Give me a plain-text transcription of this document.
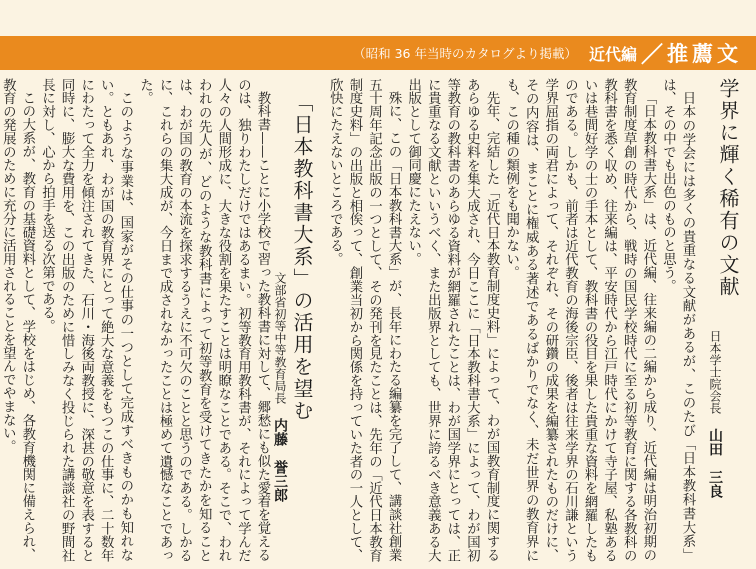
（昭和 36 年当時のカタログより掲載） 近代編 ／ 推薦文
学界に輝く稀有の文献
日本学士院会長山田　三良

日本の学会には多くの貴重なる文献があるが、このたび「日本教科書大系」は、その中でも出色のものと思う。

「日本教科書大系」は、近代編、往来編の二編から成り、近代編は明治初期の教育制度草創の時代から、戦時の国民学校時代に至る初等教育に関する各教科の教科書を悉く収め、往来編は、平安時代から江戸時代にかけて寺子屋、私塾あるいは巷間好学の士の手本として、教科書の役目を果した貴重な資料を網羅したものである。しかも、前者は近代教育の海後宗臣、後者は往来学界の石川謙という学界屈指の両君によって、それぞれ、その研鑽の成果を編纂されたものだけに、その内容は、まことに権威ある著述であるばかりでなく、未だ世界の教育界にも、この種の類例をも聞かない。

先年、完結した「近代日本教育制度史料」によって、わが国教育制度に関するあらゆる史料を集大成され、今日ここに「日本教科書大系」によって、わが国初等教育の教科書のあらゆる資料が網羅されたことは、わが国学界にとっては、正に貴重なる文献といいうべく、また出版界としても、世界に誇るべき意義ある大出版として御同慶にたえない。

殊に、この「日本教科書大系」が、長年にわたる編纂を完了して、講談社創業五十周年記念出版の一つとして、その発刊を見たことは、先年の「近代日本教育制度史料」の出版と相俟って、創業当初から関係を持っていた者の一人として、欣快にたえないところである。

「日本教科書大系」の活用を望む
文部省初等中等教育局長内藤　誉三郎

教科書——ことに小学校で習った教科書に対して、郷愁にも似た愛着を覚えるのは、独りわたしだけではあるまい。初等教育用教科書が、それによって学んだ人々の人間形成に、大きな役割を果たすことは明瞭なことである。そこで、われわれの先人が、どのような教科書によって初等教育を受けてきたかを知ることは、わが国の教育の本流を探求するうえに不可欠のことと思うのである。しかるに、これらの集大成が、今日まで成されなかったことは極めて遺憾なことであった。

このような事業は、国家がその仕事の一つとして完成すべきものかも知れない。ともあれ、わが国の教育界にとって絶大な意義をもつこの仕事に、二十数年にわたって全力を傾注されてきた、石川・海後両教授に、深甚の敬意を表すると同時に、膨大な費用を、この出版のために惜しみなく投じられた講談社の野間社長に対し、心から拍手を送る次第である。

この大系が、教育の基礎資料として、学校をはじめ、各教育機関に備えられ、教育の発展のために充分に活用されることを望んでやまない。
